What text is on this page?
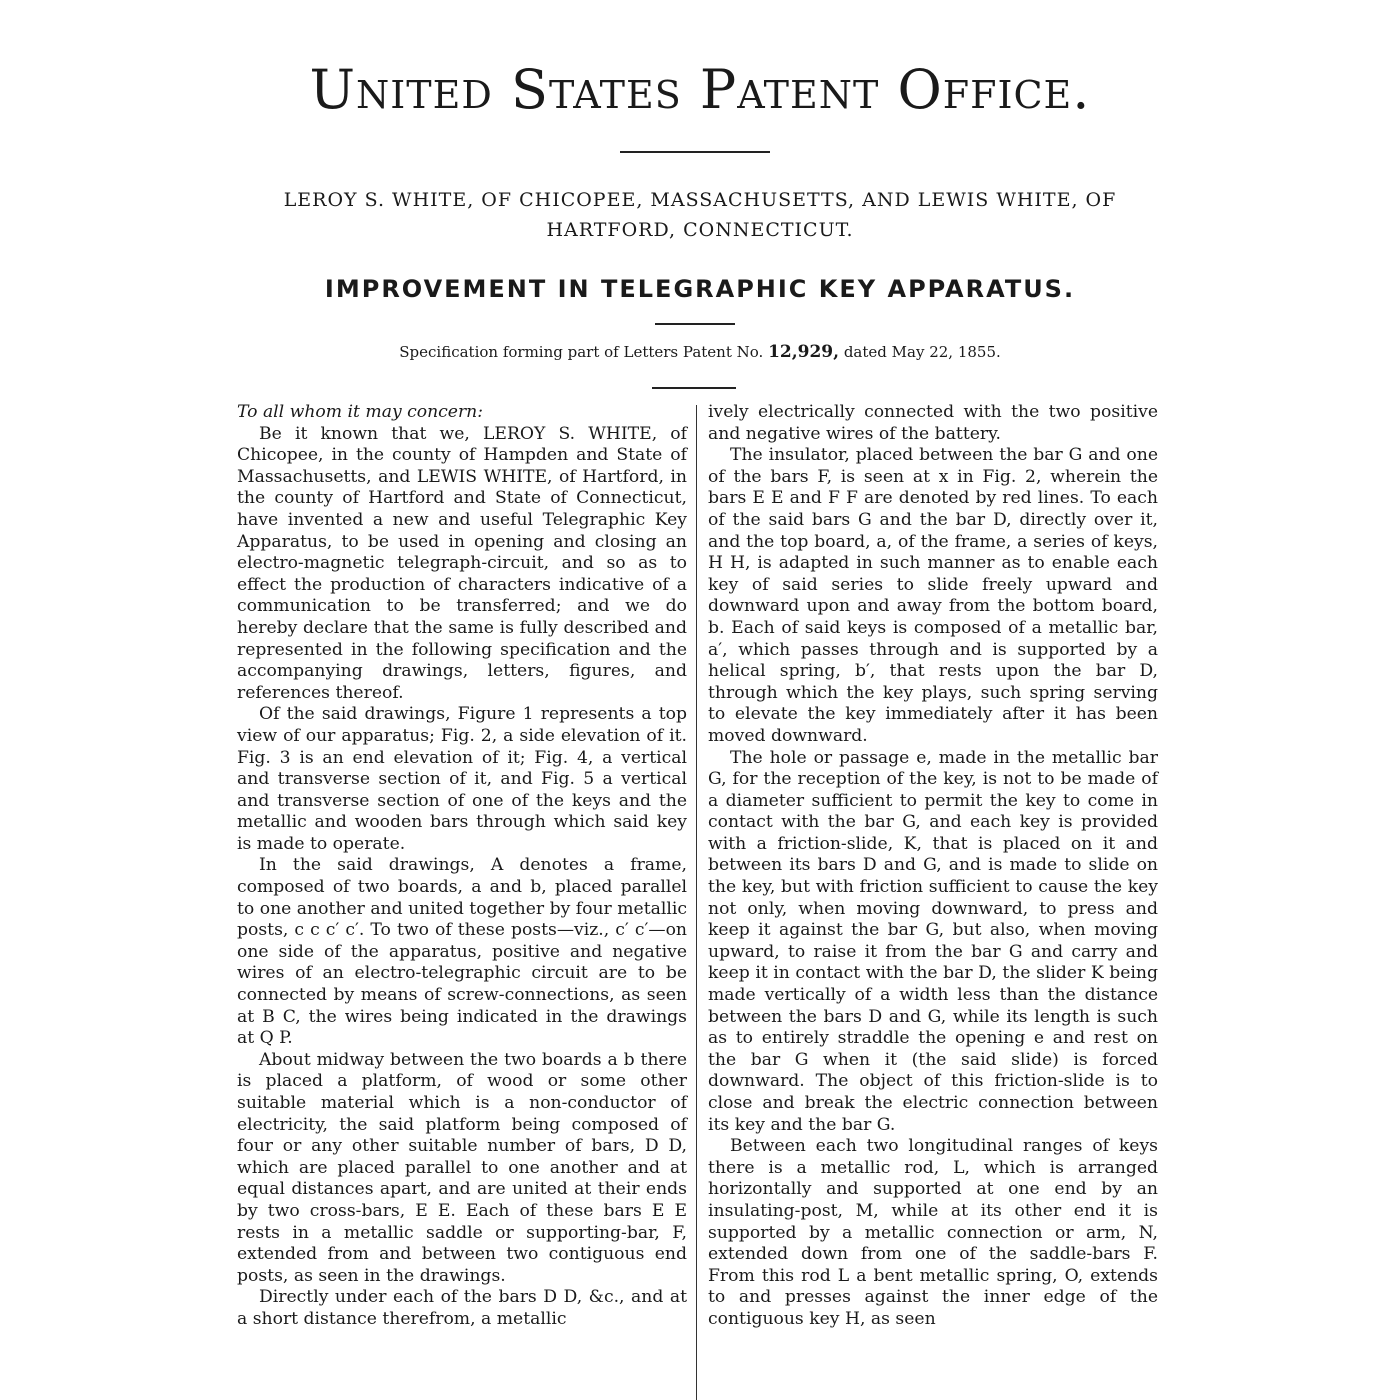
United States Patent Office.
LEROY S. WHITE, OF CHICOPEE, MASSACHUSETTS, AND LEWIS WHITE, OF
HARTFORD, CONNECTICUT.
IMPROVEMENT IN TELEGRAPHIC KEY APPARATUS.
Specification forming part of Letters Patent No. 12,929, dated May 22, 1855.

To all whom it may concern:

Be it known that we, LEROY S. WHITE, of Chicopee, in the county of Hampden and State of Massachusetts, and LEWIS WHITE, of Hartford, in the county of Hartford and State of Connecticut, have invented a new and useful Telegraphic Key Apparatus, to be used in opening and closing an electro-magnetic telegraph-circuit, and so as to effect the production of characters indicative of a communication to be transferred; and we do hereby declare that the same is fully described and represented in the following specification and the accompanying drawings, letters, figures, and references thereof.

Of the said drawings, Figure 1 represents a top view of our apparatus; Fig. 2, a side elevation of it. Fig. 3 is an end elevation of it; Fig. 4, a vertical and transverse section of it, and Fig. 5 a vertical and transverse section of one of the keys and the metallic and wooden bars through which said key is made to operate.

In the said drawings, A denotes a frame, composed of two boards, a and b, placed parallel to one another and united together by four metallic posts, c c c′ c′. To two of these posts—viz., c′ c′—on one side of the apparatus, positive and negative wires of an electro-telegraphic circuit are to be connected by means of screw-connections, as seen at B C, the wires being indicated in the drawings at Q P.

About midway between the two boards a b there is placed a platform, of wood or some other suitable material which is a non-conductor of electricity, the said platform being composed of four or any other suitable number of bars, D D, which are placed parallel to one another and at equal distances apart, and are united at their ends by two cross-bars, E E. Each of these bars E E rests in a metallic saddle or supporting-bar, F, extended from and between two contiguous end posts, as seen in the drawings.

Directly under each of the bars D D, &c., and at a short distance therefrom, a metallic

ively electrically connected with the two positive and negative wires of the battery.

The insulator, placed between the bar G and one of the bars F, is seen at x in Fig. 2, wherein the bars E E and F F are denoted by red lines. To each of the said bars G and the bar D, directly over it, and the top board, a, of the frame, a series of keys, H H, is adapted in such manner as to enable each key of said series to slide freely upward and downward upon and away from the bottom board, b. Each of said keys is composed of a metallic bar, a′, which passes through and is supported by a helical spring, b′, that rests upon the bar D, through which the key plays, such spring serving to elevate the key immediately after it has been moved downward.

The hole or passage e, made in the metallic bar G, for the reception of the key, is not to be made of a diameter sufficient to permit the key to come in contact with the bar G, and each key is provided with a friction-slide, K, that is placed on it and between its bars D and G, and is made to slide on the key, but with friction sufficient to cause the key not only, when moving downward, to press and keep it against the bar G, but also, when moving upward, to raise it from the bar G and carry and keep it in contact with the bar D, the slider K being made vertically of a width less than the distance between the bars D and G, while its length is such as to entirely straddle the opening e and rest on the bar G when it (the said slide) is forced downward. The object of this friction-slide is to close and break the electric connection between its key and the bar G.

Between each two longitudinal ranges of keys there is a metallic rod, L, which is arranged horizontally and supported at one end by an insulating-post, M, while at its other end it is supported by a metallic connection or arm, N, extended down from one of the saddle-bars F. From this rod L a bent metallic spring, O, extends to and presses against the inner edge of the contiguous key H, as seen
